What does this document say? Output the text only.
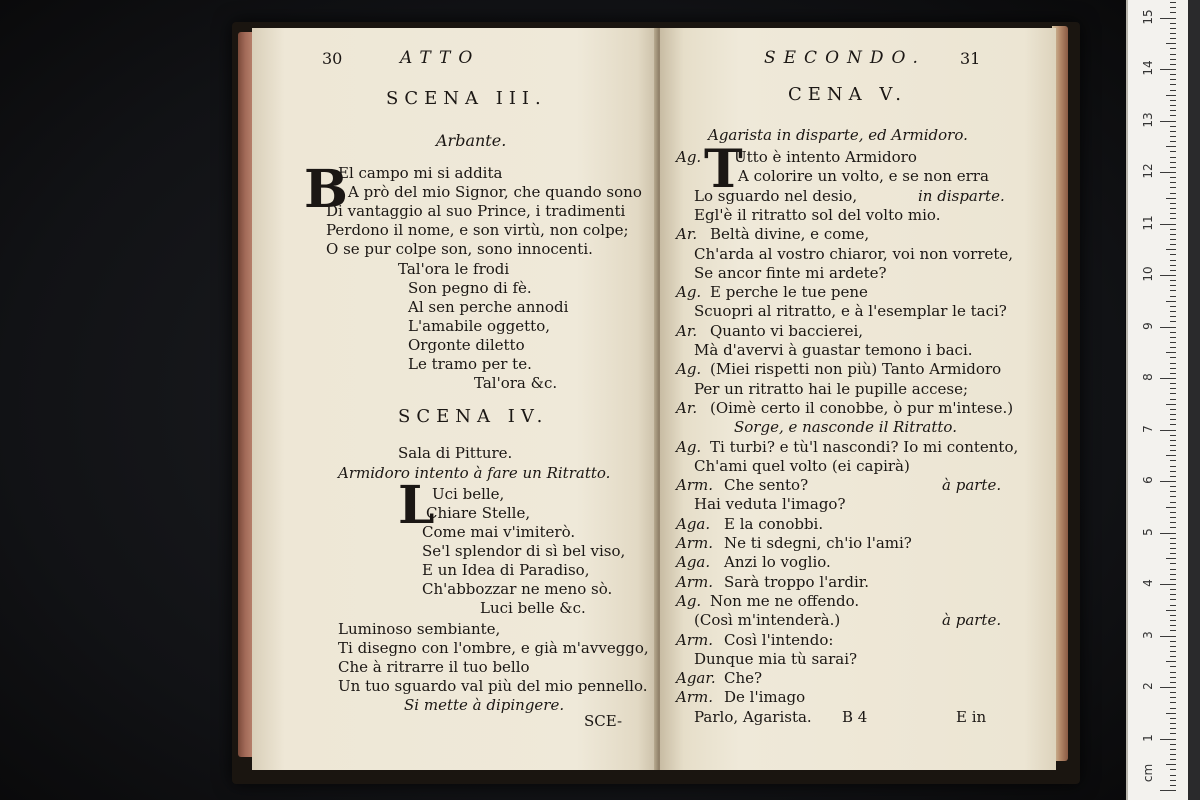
30	ATTO
SCENA III.
Arbante.
B
El campo mi si addita
A prò del mio Signor, che quando sono
Di vantaggio al suo Prince, i tradimenti
Perdono il nome, e son virtù, non colpe;
O se pur colpe son, sono innocenti.
Tal'ora le frodi
Son pegno di fè.
Al sen perche annodi
L'amabile oggetto,
Orgonte diletto
Le tramo per te.
Tal'ora &c.
SCENA IV.
Sala di Pitture.
Armidoro intento à fare un Ritratto.
L
Uci belle,
Chiare Stelle,
Come mai v'imiterò.
Se'l splendor di sì bel viso,
E un Idea di Paradiso,
Ch'abbozzar ne meno sò.
Luci belle &c.
Luminoso sembiante,
Ti disegno con l'ombre, e già m'avveggo,
Che à ritrarre il tuo bello
Un tuo sguardo val più del mio pennello.
Si mette à dipingere.
SCE-
SECONDO. 31
CENA V.
Agarista in disparte, ed Armidoro.
T
Ag. Utto è intento Armidoro
A colorire un volto, e se non erra
Lo sguardo nel desio,	in disparte.
Egl'è il ritratto sol del volto mio.
Ar. Beltà divine, e come,
Ch'arda al vostro chiaror, voi non vorrete,
Se ancor finte mi ardete?
Ag. E perche le tue pene
Scuopri al ritratto, e à l'esemplar le taci?
Ar. Quanto vi baccierei,
Mà d'avervi à guastar temono i baci.
Ag. (Miei rispetti non più) Tanto Armidoro
Per un ritratto hai le pupille accese;
Ar. (Oimè certo il conobbe, ò pur m'intese.)
Sorge, e nasconde il Ritratto.
Ag. Ti turbi? e tù'l nascondi? Io mi contento,
Ch'ami quel volto (ei capirà)
Arm. Che sento?	à parte.
Hai veduta l'imago?
Aga. E la conobbi.
Arm. Ne ti sdegni, ch'io l'ami?
Aga. Anzi lo voglio.
Arm. Sarà troppo l'ardir.
Ag. Non me ne offendo.
(Così m'intenderà.)	à parte.
Arm. Così l'intendo:
Dunque mia tù sarai?
Agar. Che?
Arm. De l'imago
Parlo, Agarista. B 4	E in
cm
1
2
3
4
5
6
7
8
9
10
11
12
13
14
15
